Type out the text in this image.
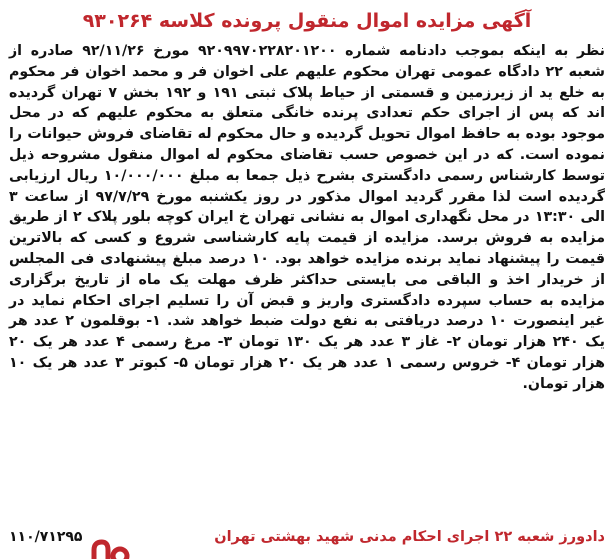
آگهی مزایده اموال منقول پرونده کلاسه ۹۳۰۲۶۴

نظر به اینکه بموجب دادنامه شماره ۹۲۰۹۹۷۰۲۲۸۲۰۱۲۰۰ مورخ ۹۲/۱۱/۲۶ صادره از شعبه ۲۲ دادگاه عمومی تهران محکوم علیهم علی اخوان فر و محمد اخوان فر محکوم به خلع ید از زیرزمین و قسمتی از حیاط پلاک ثبتی ۱۹۱ و ۱۹۲ بخش ۷ تهران گردیده اند که پس از اجرای حکم تعدادی پرنده خانگی متعلق به محکوم علیهم که در محل موجود بوده به حافظ اموال تحویل گردیده و حال محکوم له تقاضای فروش حیوانات را نموده است. که در این خصوص حسب تقاضای محکوم له اموال منقول مشروحه ذیل توسط کارشناس رسمی دادگستری بشرح ذیل جمعا به مبلغ ۱۰/۰۰۰/۰۰۰ ریال ارزیابی گردیده است لذا مقرر گردید اموال مذکور در روز یکشنبه مورخ ۹۷/۷/۲۹ از ساعت ۳ الی ۱۳:۳۰ در محل نگهداری اموال به نشانی تهران خ ایران کوچه بلور پلاک ۲ از طریق مزایده به فروش برسد. مزایده از قیمت پایه کارشناسی شروع و کسی که بالاترین قیمت را پیشنهاد نماید برنده مزایده خواهد بود. ۱۰ درصد مبلغ پیشنهادی فی المجلس از خریدار اخذ و الباقی می بایستی حداکثر ظرف مهلت یک ماه از تاریخ برگزاری مزایده به حساب سپرده دادگستری واریز و قبض آن را تسلیم اجرای احکام نماید در غیر اینصورت ۱۰ درصد دریافتی به نفع دولت ضبط خواهد شد. ۱- بوقلمون ۲ عدد هر یک ۲۴۰ هزار تومان ۲- غاز ۳ عدد هر یک ۱۳۰ تومان ۳- مرغ رسمی ۴ عدد هر یک ۲۰ هزار تومان ۴- خروس رسمی ۱ عدد هر یک ۲۰ هزار تومان ۵- کبوتر ۳ عدد هر یک ۱۰ هزار تومان.

​
دادورز شعبه ۲۲ اجرای احکام مدنی شهید بهشتی تهران
۱۱۰/۷۱۲۹۵
